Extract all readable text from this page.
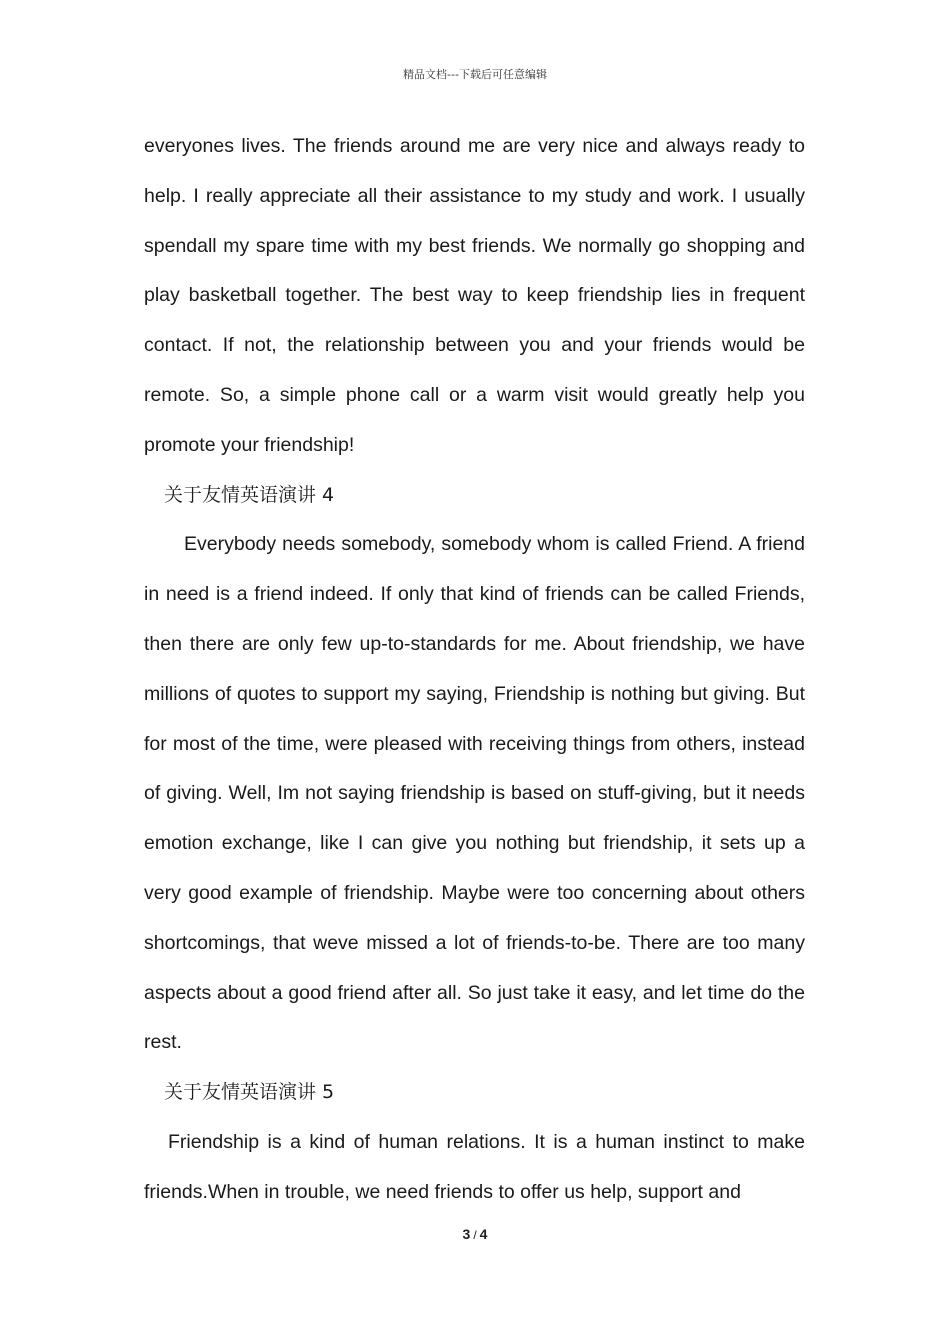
精品文档---下载后可任意编辑

everyones lives. The friends around me are very nice and always ready to help. I really appreciate all their assistance to my study and work. I usually spendall my spare time with my best friends. We normally go shopping and play basketball together. The best way to keep friendship lies in frequent contact. If not, the relationship between you and your friends would be remote. So, a simple phone call or a warm visit would greatly help you promote your friendship!

关于友情英语演讲 4

Everybody needs somebody, somebody whom is called Friend. A friend in need is a friend indeed. If only that kind of friends can be called Friends, then there are only few up-to-standards for me. About friendship, we have millions of quotes to support my saying, Friendship is nothing but giving. But for most of the time, were pleased with receiving things from others, instead of giving. Well, Im not saying friendship is based on stuff-giving, but it needs emotion exchange, like I can give you nothing but friendship, it sets up a very good example of friendship. Maybe were too concerning about others shortcomings, that weve missed a lot of friends-to-be. There are too many aspects about a good friend after all. So just take it easy, and let time do the rest.

关于友情英语演讲 5

Friendship is a kind of human relations. It is a human instinct to make friends.When in trouble, we need friends to offer us help, support and

3 / 4
